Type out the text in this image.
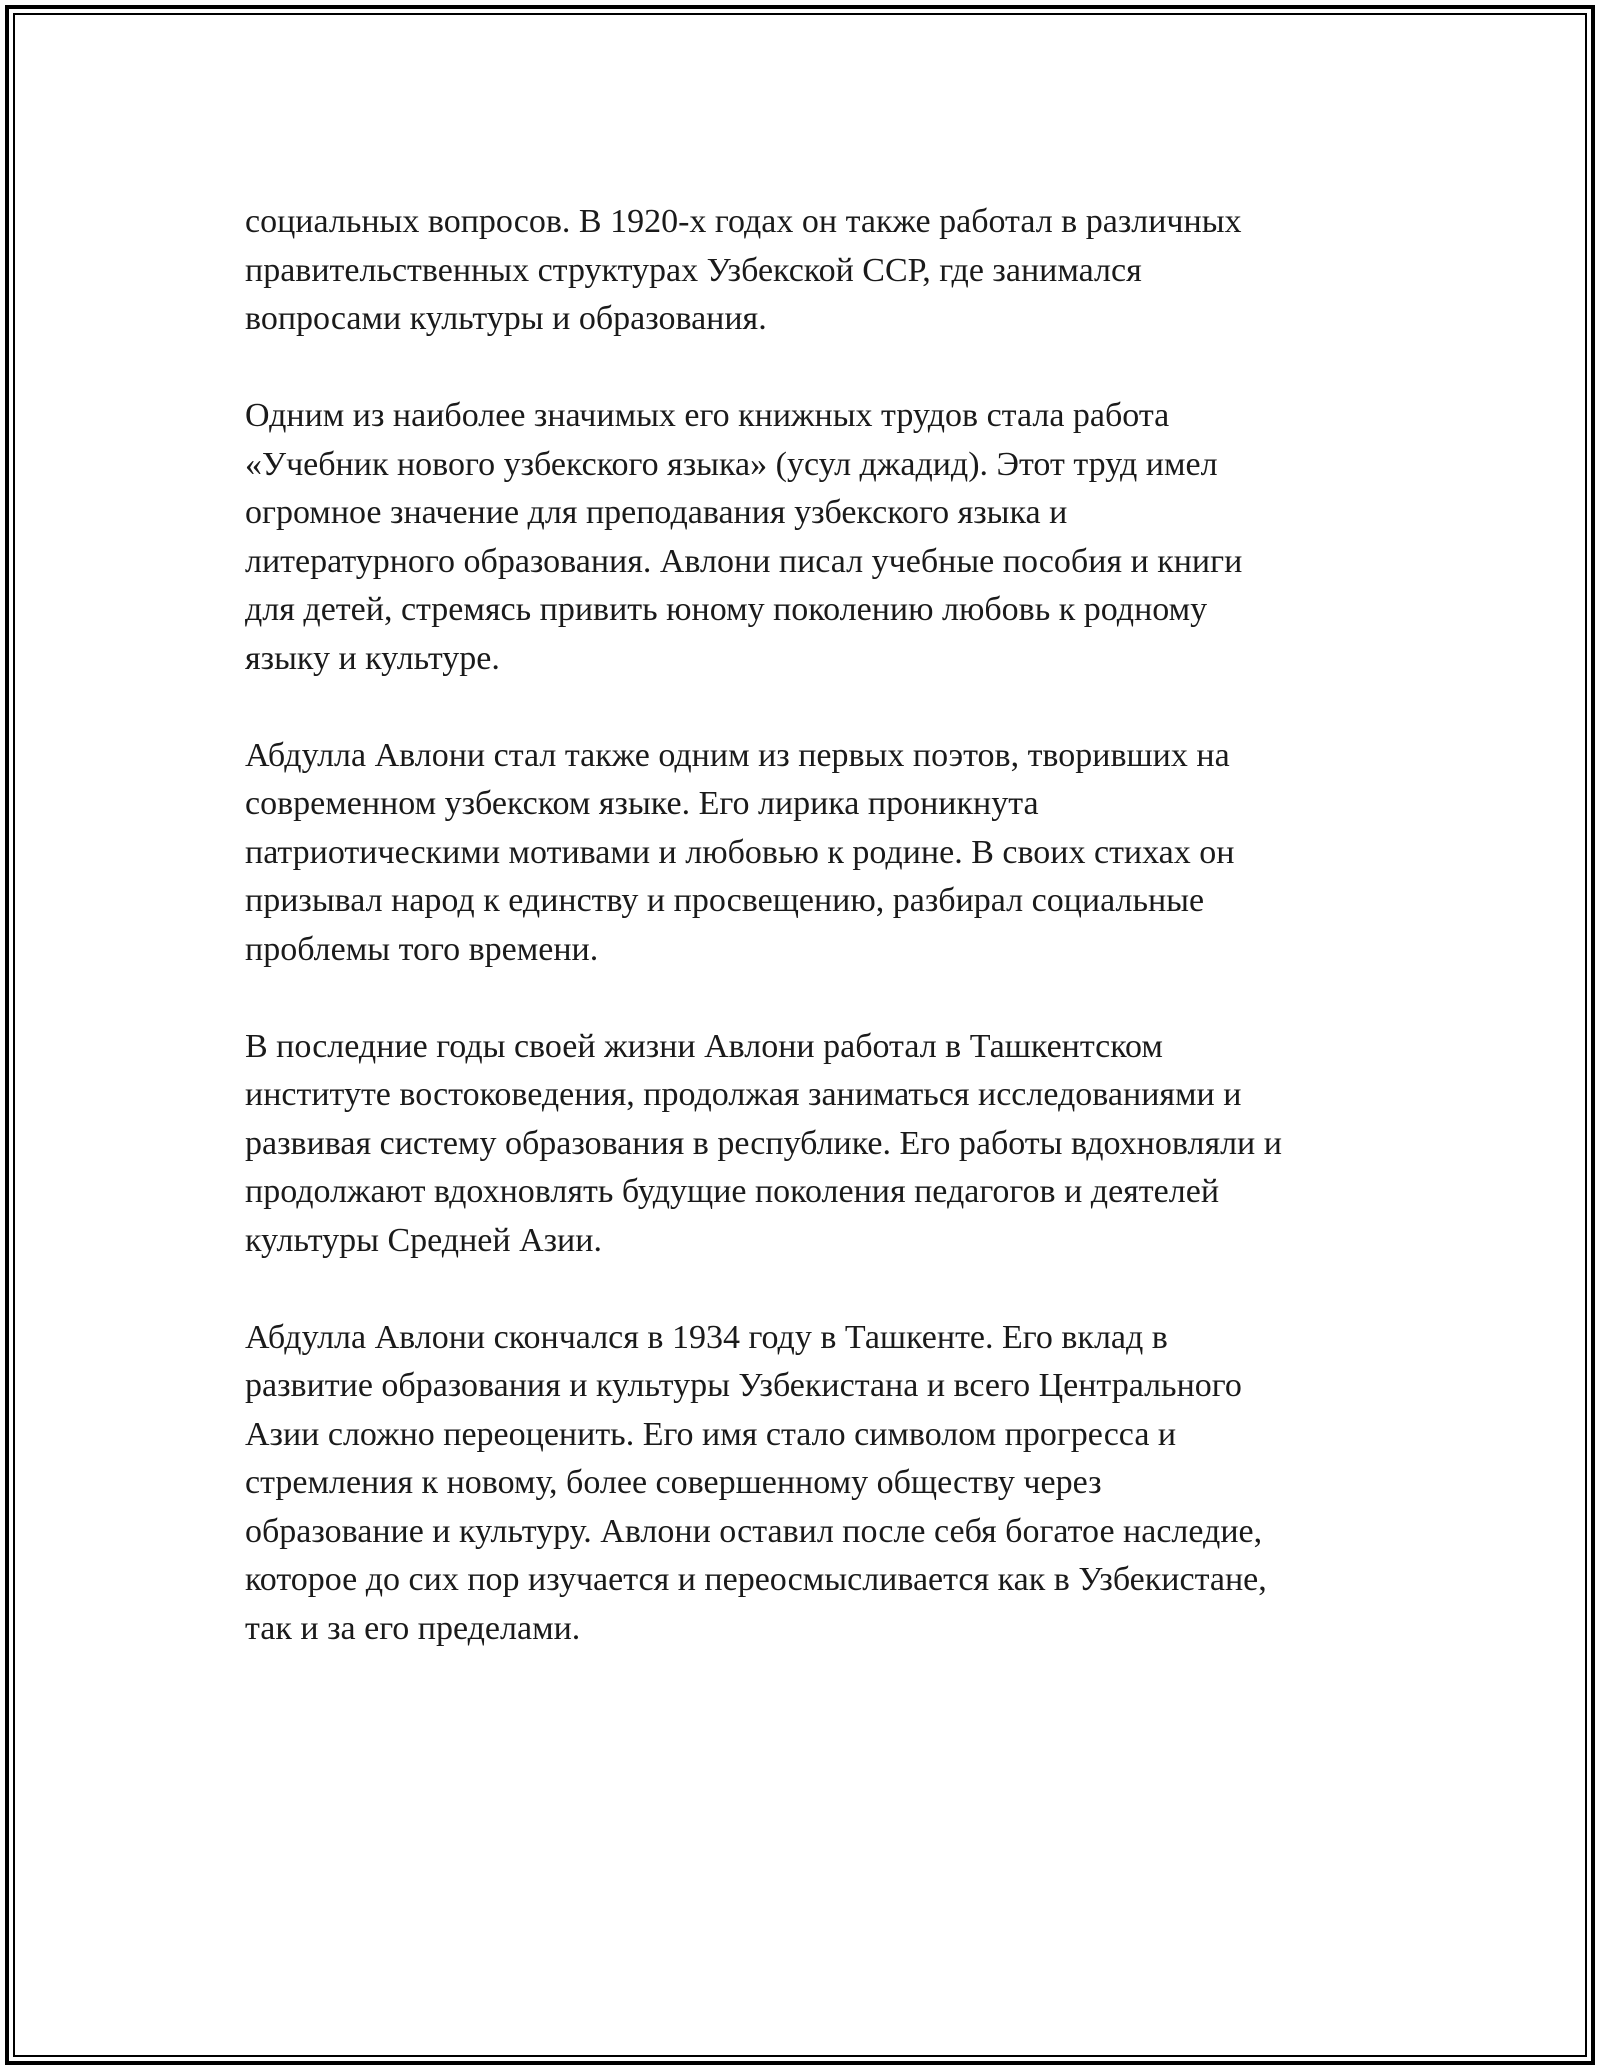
социальных вопросов. В 1920-х годах он также работал в различных
правительственных структурах Узбекской ССР, где занимался
вопросами культуры и образования.

Одним из наиболее значимых его книжных трудов стала работа
«Учебник нового узбекского языка» (усул джадид). Этот труд имел
огромное значение для преподавания узбекского языка и
литературного образования. Авлони писал учебные пособия и книги
для детей, стремясь привить юному поколению любовь к родному
языку и культуре.

Абдулла Авлони стал также одним из первых поэтов, творивших на
современном узбекском языке. Его лирика проникнута
патриотическими мотивами и любовью к родине. В своих стихах он
призывал народ к единству и просвещению, разбирал социальные
проблемы того времени.

В последние годы своей жизни Авлони работал в Ташкентском
институте востоковедения, продолжая заниматься исследованиями и
развивая систему образования в республике. Его работы вдохновляли и
продолжают вдохновлять будущие поколения педагогов и деятелей
культуры Средней Азии.

Абдулла Авлони скончался в 1934 году в Ташкенте. Его вклад в
развитие образования и культуры Узбекистана и всего Центрального
Азии сложно переоценить. Его имя стало символом прогресса и
стремления к новому, более совершенному обществу через
образование и культуру. Авлони оставил после себя богатое наследие,
которое до сих пор изучается и переосмысливается как в Узбекистане,
так и за его пределами.
